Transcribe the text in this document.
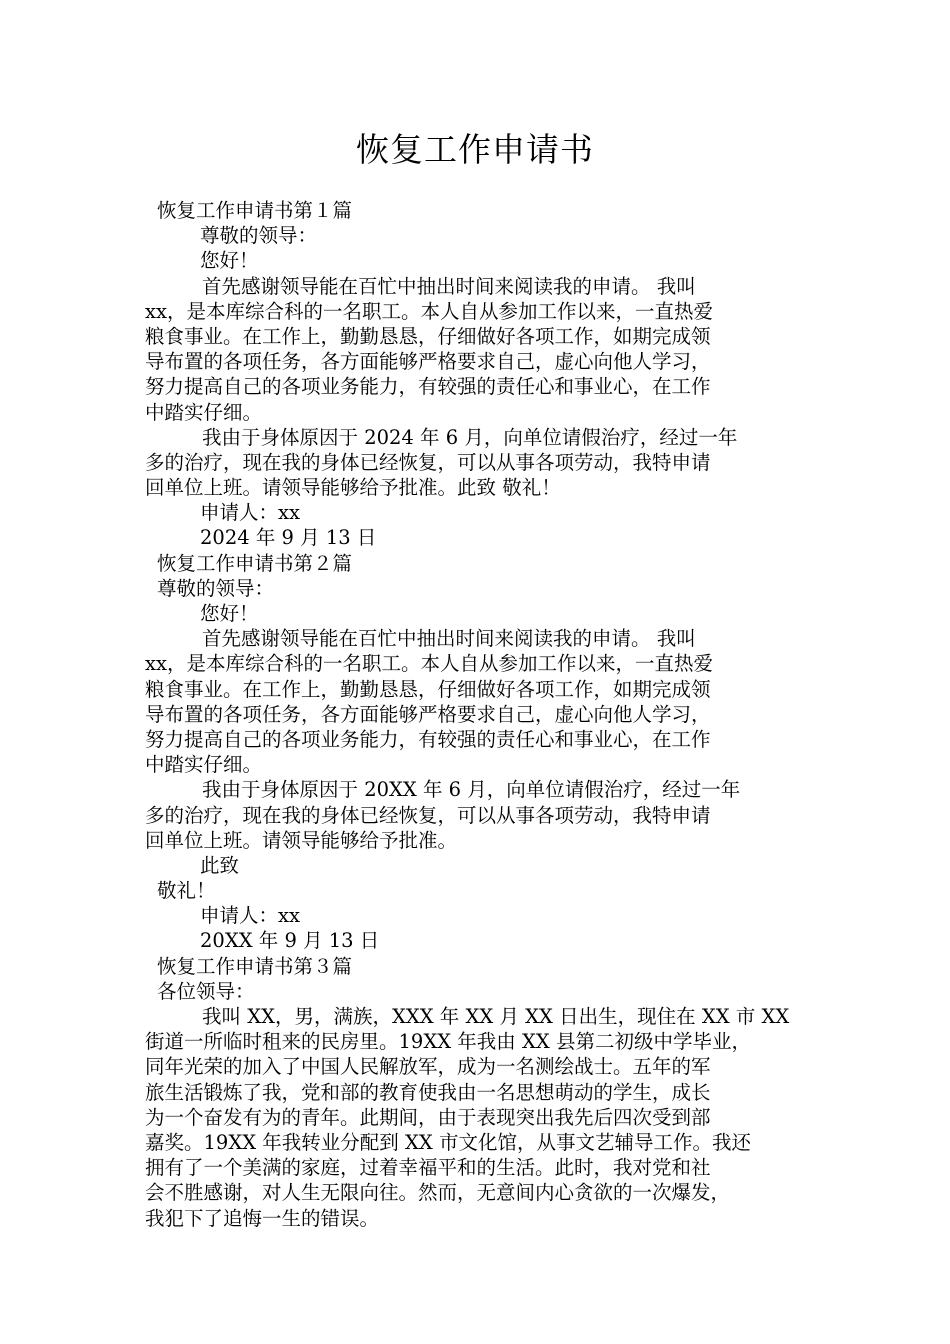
恢复工作申请书
恢复工作申请书第１篇
尊敬的领导：
您好！
首先感谢领导能在百忙中抽出时间来阅读我的申请。 我叫
xx，是本库综合科的一名职工。本人自从参加工作以来，一直热爱
粮食事业。在工作上，勤勤恳恳，仔细做好各项工作，如期完成领
导布置的各项任务，各方面能够严格要求自己，虚心向他人学习，
努力提高自己的各项业务能力，有较强的责任心和事业心，在工作
中踏实仔细。
我由于身体原因于 2024 年 6 月，向单位请假治疗，经过一年
多的治疗，现在我的身体已经恢复，可以从事各项劳动，我特申请
回单位上班。请领导能够给予批准。此致 敬礼！
申请人：xx
2024 年 9 月 13 日
恢复工作申请书第２篇
尊敬的领导：
您好！
首先感谢领导能在百忙中抽出时间来阅读我的申请。 我叫
xx，是本库综合科的一名职工。本人自从参加工作以来，一直热爱
粮食事业。在工作上，勤勤恳恳，仔细做好各项工作，如期完成领
导布置的各项任务，各方面能够严格要求自己，虚心向他人学习，
努力提高自己的各项业务能力，有较强的责任心和事业心，在工作
中踏实仔细。
我由于身体原因于 20XX 年 6 月，向单位请假治疗，经过一年
多的治疗，现在我的身体已经恢复，可以从事各项劳动，我特申请
回单位上班。请领导能够给予批准。
此致
敬礼！
申请人：xx
20XX 年 9 月 13 日
恢复工作申请书第３篇
各位领导：
我叫 XX，男，满族，XXX 年 XX 月 XX 日出生，现住在 XX 市 XX
街道一所临时租来的民房里。19XX 年我由 XX 县第二初级中学毕业，
同年光荣的加入了中国人民解放军，成为一名测绘战士。五年的军
旅生活锻炼了我，党和部的教育使我由一名思想萌动的学生，成长
为一个奋发有为的青年。此期间，由于表现突出我先后四次受到部
嘉奖。19XX 年我转业分配到 XX 市文化馆，从事文艺辅导工作。我还
拥有了一个美满的家庭，过着幸福平和的生活。此时，我对党和社
会不胜感谢，对人生无限向往。然而，无意间内心贪欲的一次爆发，
我犯下了追悔一生的错误。
